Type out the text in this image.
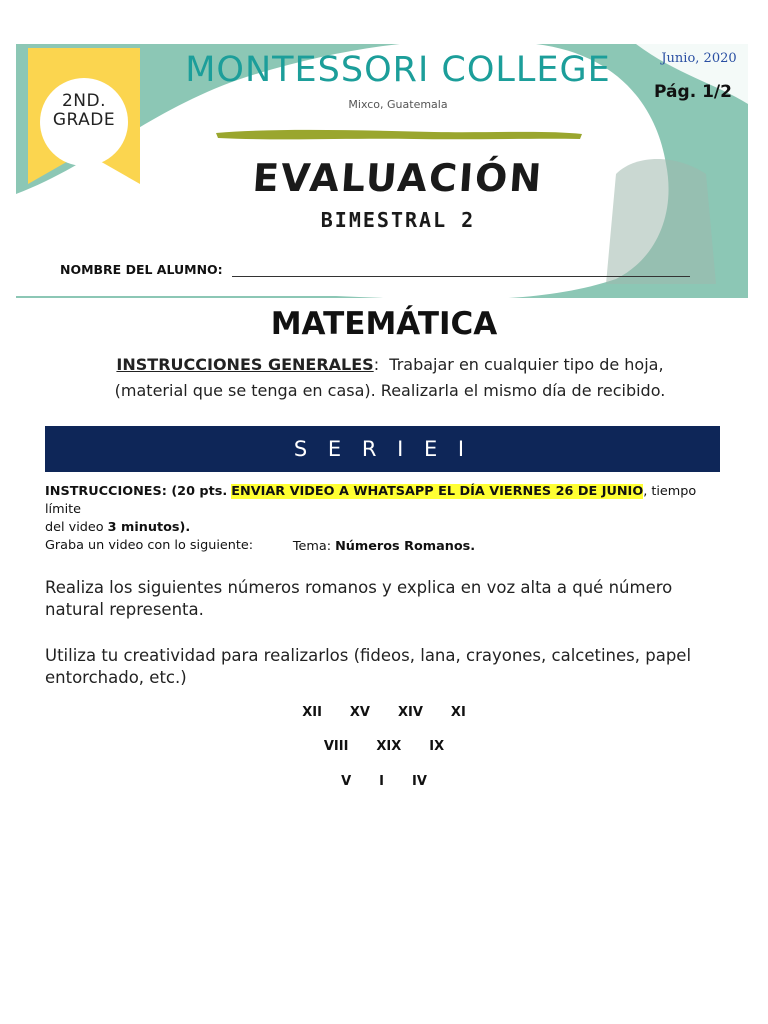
2ND.
GRADE
MONTESSORI COLLEGE
Mixco, Guatemala
Junio, 2020
Pág. 1/2
EVALUACIÓN
BIMESTRAL 2
NOMBRE DEL ALUMNO:
MATEMÁTICA
INSTRUCCIONES GENERALES: Trabajar en cualquier tipo de hoja,
(material que se tenga en casa). Realizarla el mismo día de recibido.
S E R I E I
INSTRUCCIONES: (20 pts. ENVIAR VIDEO A WHATSAPP EL DÍA VIERNES 26 DE JUNIO, tiempo límite
del video 3 minutos).
Graba un video con lo siguiente:	Tema: Números Romanos.
Realiza los siguientes números romanos y explica en voz alta a qué número natural representa.
Utiliza tu creatividad para realizarlos (fideos, lana, crayones, calcetines, papel entorchado, etc.)
XII XV XIV XI
VIII XIX IX
V I IV
